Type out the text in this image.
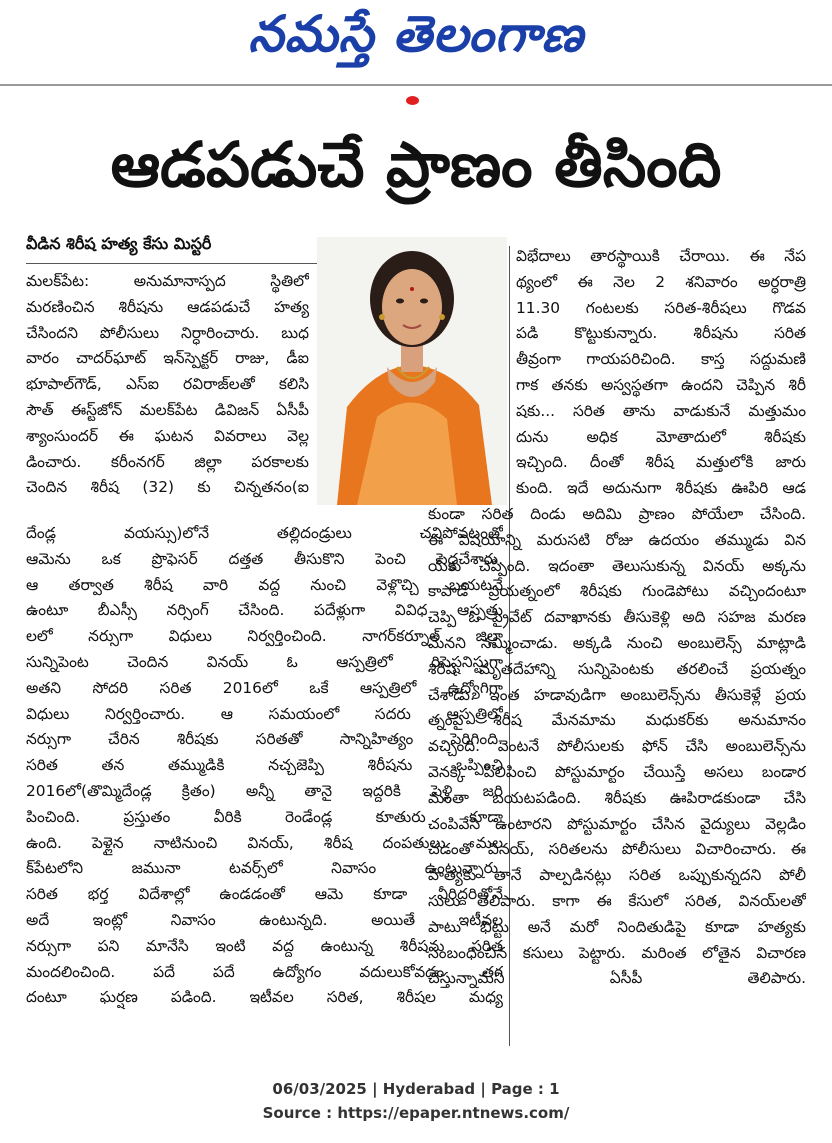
నమస్తే తెలంగాణ
ఆడపడుచే ప్రాణం తీసింది
వీడిన శిరీష హత్య కేసు మిస్టరీ
మలక్‌పేట: అనుమానాస్పద స్థితిలో
మరణించిన శిరీషను ఆడపడుచే హత్య
చేసిందని పోలీసులు నిర్ధారించారు. బుధ
వారం చాదర్‌ఘాట్ ఇన్‌స్పెక్టర్ రాజు, డీఐ
భూపాల్‌గౌడ్, ఎస్ఐ రవిరాజ్‌లతో కలిసి
సౌత్ ఈస్ట్‌జోన్ మలక్‌పేట డివిజన్ ఏసీపీ
శ్యాంసుందర్ ఈ ఘటన వివరాలు వెల్ల
డించారు. కరీంనగర్ జిల్లా పరకాలకు
చెందిన శిరీష (32) కు చిన్నతనం(ఐ
దేండ్ల వయస్సు)లోనే తల్లిదండ్రులు చనిపోవటంతో
ఆమెను ఒక ప్రొఫెసర్ దత్తత తీసుకొని పెంచి పెద్దచేశారు.
ఆ తర్వాత శిరీష వారి వద్ద నుంచి వెళ్లొచ్చి బయటనే
ఉంటూ బీఎస్సీ నర్సింగ్ చేసింది. పదేళ్లుగా వివిధ ఆస్పత్రు
లలో నర్సుగా విధులు నిర్వర్తించింది. నాగర్‌కర్నూల్ జిల్లా
సున్నిపెంట చెందిన వినయ్ ఓ ఆస్పత్రిలో రిసెప్షనిస్టుగా
అతని సోదరి సరిత 2016లో ఒకే ఆస్పత్రిలో ఉద్యోగిగా
విధులు నిర్వర్తించారు. ఆ సమయంలో సదరు ఆస్పత్రిలో
నర్సుగా చేరిన శిరీషకు సరితతో సాన్నిహిత్యం పెరిగింది.
సరిత తన తమ్ముడికి నచ్చజెప్పి శిరీషను ఒప్పించి
2016లో(తొమ్మిదేండ్ల క్రితం) అన్నీ తానై ఇద్దరికి పెళ్లి జరి
పించింది. ప్రస్తుతం వీరికి రెండేండ్ల కూతురు కూడా
ఉంది. పెళ్లైన నాటినుంచి వినయ్, శిరీష దంపతులు మల
క్‌పేటలోని జమునా టవర్స్‌లో నివాసం ఉంటున్నారు.
సరిత భర్త విదేశాల్లో ఉండడంతో ఆమె కూడా వీరిద్దరితోనే
అదే ఇంట్లో నివాసం ఉంటున్నది. అయితే ఇటీవల
నర్సుగా పని మానేసి ఇంటి వద్ద ఉంటున్న శిరీషను సరిత
మందలించింది. పదే పదే ఉద్యోగం వదులుకోవడం తగ
దంటూ ఘర్షణ పడింది. ఇటీవల సరిత, శిరీషల మధ్య
విభేదాలు తారస్థాయికి చేరాయి. ఈ నేప
థ్యంలో ఈ నెల 2 శనివారం అర్ధరాత్రి
11.30 గంటలకు సరిత-శిరీషలు గొడవ
పడి కొట్టుకున్నారు. శిరీషను సరిత
తీవ్రంగా గాయపరిచింది. కాస్త సద్దుమణి
గాక తనకు అస్వస్థతగా ఉందని చెప్పిన శిరీ
షకు... సరిత తాను వాడుకునే మత్తుమం
దును అధిక మోతాదులో శిరీషకు
ఇచ్చింది. దీంతో శిరీష మత్తులోకి జారు
కుంది. ఇదే అదునుగా శిరీషకు ఊపిరి ఆడ
కుండా సరిత దిండు అదిమి ప్రాణం పోయేలా చేసింది.
ఈ విషయాన్ని మరుసటి రోజు ఉదయం తమ్ముడు విన
య్‌కు చెప్పింది. ఇదంతా తెలుసుకున్న వినయ్ అక్కను
కాపాడే ప్రయత్నంలో శిరీషకు గుండెపోటు వచ్చిందంటూ
చెప్పి ఓ ప్రైవేట్ దవాఖానకు తీసుకెళ్లి అది సహజ మరణ
మేనని నమ్మించాడు. అక్కడి నుంచి అంబులెన్స్ మాట్లాడి
శిరీష మృతదేహాన్ని సున్నిపెంటకు తరలించే ప్రయత్నం
చేశాడు. ఇంత హడావుడిగా అంబులెన్స్‌ను తీసుకెళ్లే ప్రయ
త్నంపై శిరీష మేనమామ మధుకర్‌కు అనుమానం
వచ్చింది. వెంటనే పోలీసులకు ఫోన్ చేసి అంబులెన్స్‌ను
వెనక్కి పిలిపించి పోస్టుమార్టం చేయిస్తే అసలు బండార
మంతా బయటపడింది. శిరీషకు ఊపిరాడకుండా చేసి
చంపివేసి ఉంటారని పోస్టుమార్టం చేసిన వైద్యులు వెల్లడిం
చడంతో వినయ్, సరితలను పోలీసులు విచారించారు. ఈ
హత్యకు తానే పాల్పడినట్లు సరిత ఒప్పుకున్నదని పోలీ
సులు తెలిపారు. కాగా ఈ కేసులో సరిత, వినయ్‌లతో
పాటు భిట్టు అనే మరో నిందితుడిపై కూడా హత్యకు
సంబంధించిన కసులు పెట్టారు. మరింత లోతైన విచారణ
చేస్తున్నామని ఏసీపీ తెలిపారు.
06/03/2025 | Hyderabad | Page : 1
Source : https://epaper.ntnews.com/
